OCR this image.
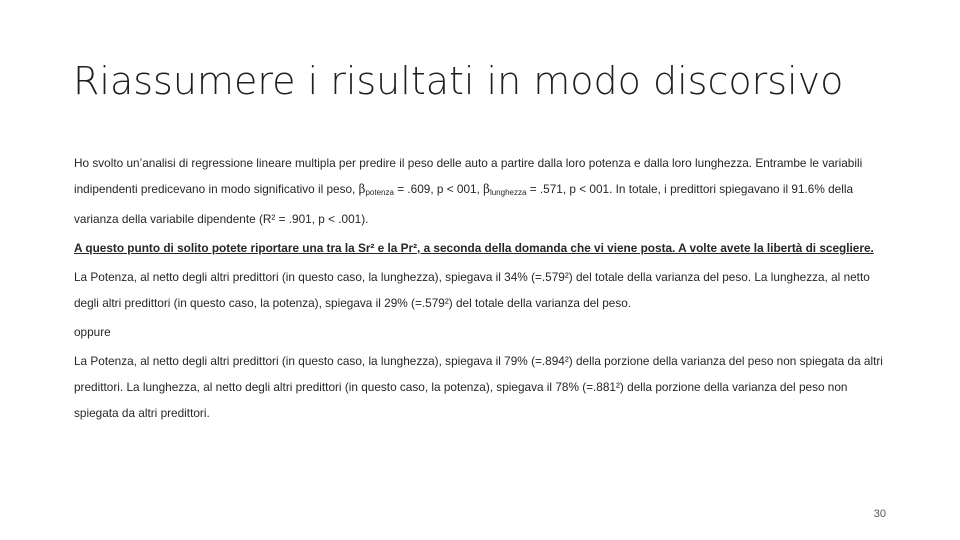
Riassumere i risultati in modo discorsivo

Ho svolto un’analisi di regressione lineare multipla per predire il peso delle auto a partire dalla loro potenza e dalla loro lunghezza. Entrambe le variabili indipendenti predicevano in modo significativo il peso, $\beta_{potenza} = .609$, p < 001, $\beta_{lunghezza} = .571$, p < 001. In totale, i predittori spiegavano il 91.6% della varianza della variabile dipendente (R² = .901, p < .001).

A questo punto di solito potete riportare una tra la Sr² e la Pr², a seconda della domanda che vi viene posta. A volte avete la libertà di scegliere.

La Potenza, al netto degli altri predittori (in questo caso, la lunghezza), spiegava il 34% (=.579²) del totale della varianza del peso. La lunghezza, al netto degli altri predittori (in questo caso, la potenza), spiegava il 29% (=.579²) del totale della varianza del peso.

oppure

La Potenza, al netto degli altri predittori (in questo caso, la lunghezza), spiegava il 79% (=.894²) della porzione della varianza del peso non spiegata da altri predittori. La lunghezza, al netto degli altri predittori (in questo caso, la potenza), spiegava il 78% (=.881²) della porzione della varianza del peso non spiegata da altri predittori.

30
